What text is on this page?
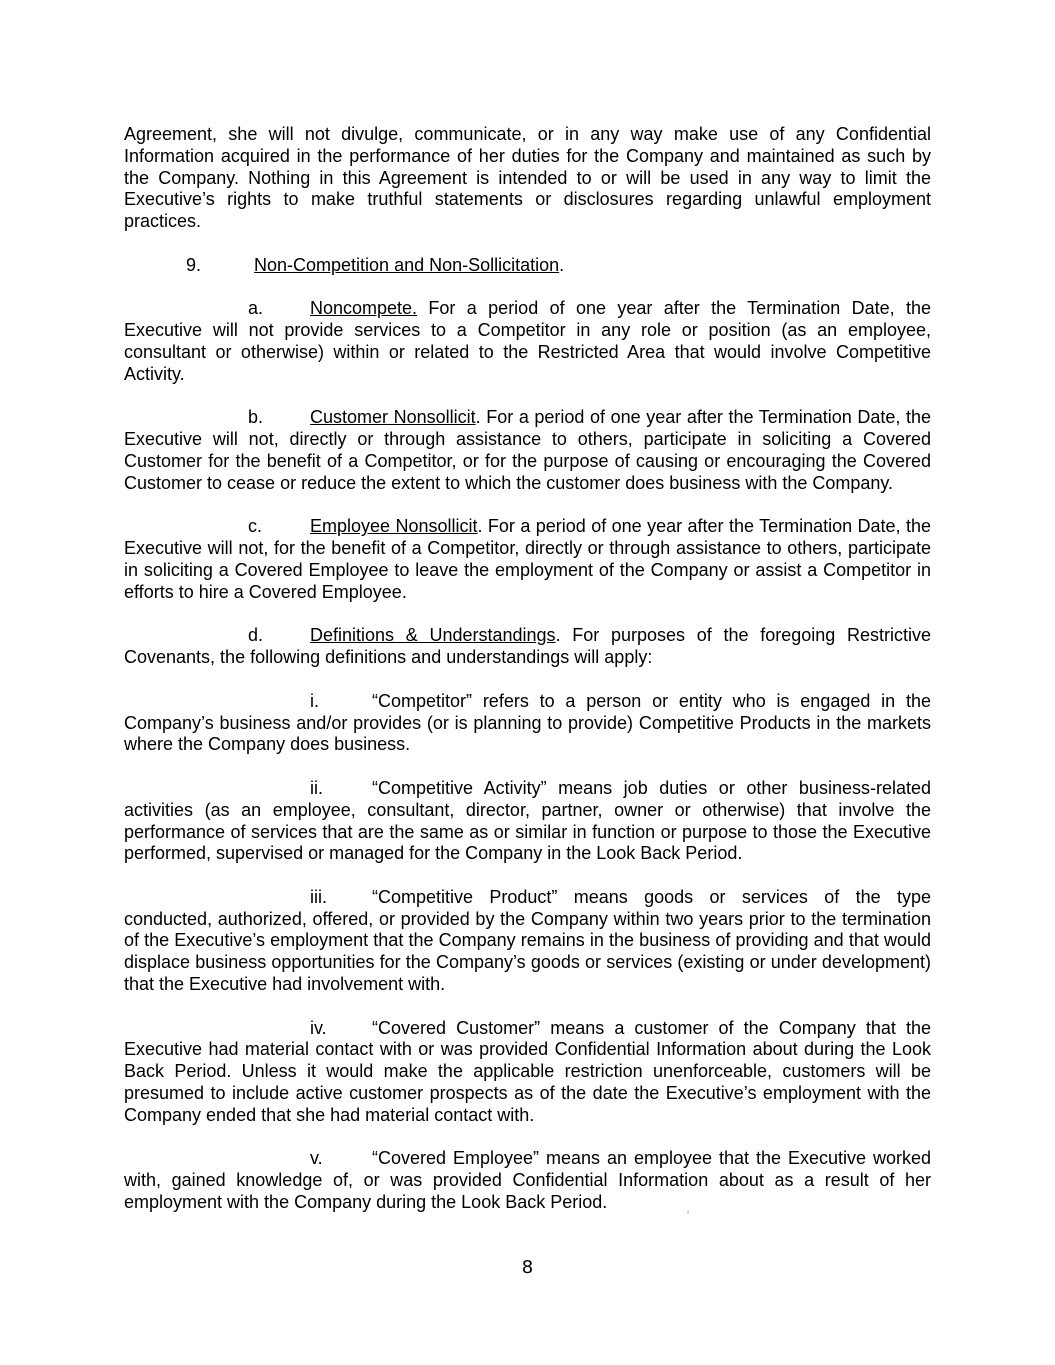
Agreement, she will not divulge, communicate, or in any way make use of any Confidential Information acquired in the performance of her duties for the Company and maintained as such by the Company. Nothing in this Agreement is intended to or will be used in any way to limit the Executive’s rights to make truthful statements or disclosures regarding unlawful employment practices.

9.	Non-Competition and Non-Sollicitation.

a.	Noncompete. For a period of one year after the Termination Date, the Executive will not provide services to a Competitor in any role or position (as an employee, consultant or otherwise) within or related to the Restricted Area that would involve Competitive Activity.

b.	Customer Nonsollicit. For a period of one year after the Termination Date, the Executive will not, directly or through assistance to others, participate in soliciting a Covered Customer for the benefit of a Competitor, or for the purpose of causing or encouraging the Covered Customer to cease or reduce the extent to which the customer does business with the Company.

c.	Employee Nonsollicit. For a period of one year after the Termination Date, the Executive will not, for the benefit of a Competitor, directly or through assistance to others, participate in soliciting a Covered Employee to leave the employment of the Company or assist a Competitor in efforts to hire a Covered Employee.

d.	Definitions & Understandings. For purposes of the foregoing Restrictive Covenants, the following definitions and understandings will apply:

i.	“Competitor” refers to a person or entity who is engaged in the Company’s business and/or provides (or is planning to provide) Competitive Products in the markets where the Company does business.

ii.	“Competitive Activity” means job duties or other business-related activities (as an employee, consultant, director, partner, owner or otherwise) that involve the performance of services that are the same as or similar in function or purpose to those the Executive performed, supervised or managed for the Company in the Look Back Period.

iii.	“Competitive Product” means goods or services of the type conducted, authorized, offered, or provided by the Company within two years prior to the termination of the Executive’s employment that the Company remains in the business of providing and that would displace business opportunities for the Company’s goods or services (existing or under development) that the Executive had involvement with.

iv.	“Covered Customer” means a customer of the Company that the Executive had material contact with or was provided Confidential Information about during the Look Back Period. Unless it would make the applicable restriction unenforceable, customers will be presumed to include active customer prospects as of the date the Executive’s employment with the Company ended that she had material contact with.

v.	“Covered Employee” means an employee that the Executive worked with, gained knowledge of, or was provided Confidential Information about as a result of her employment with the Company during the Look Back Period.

‘
8
